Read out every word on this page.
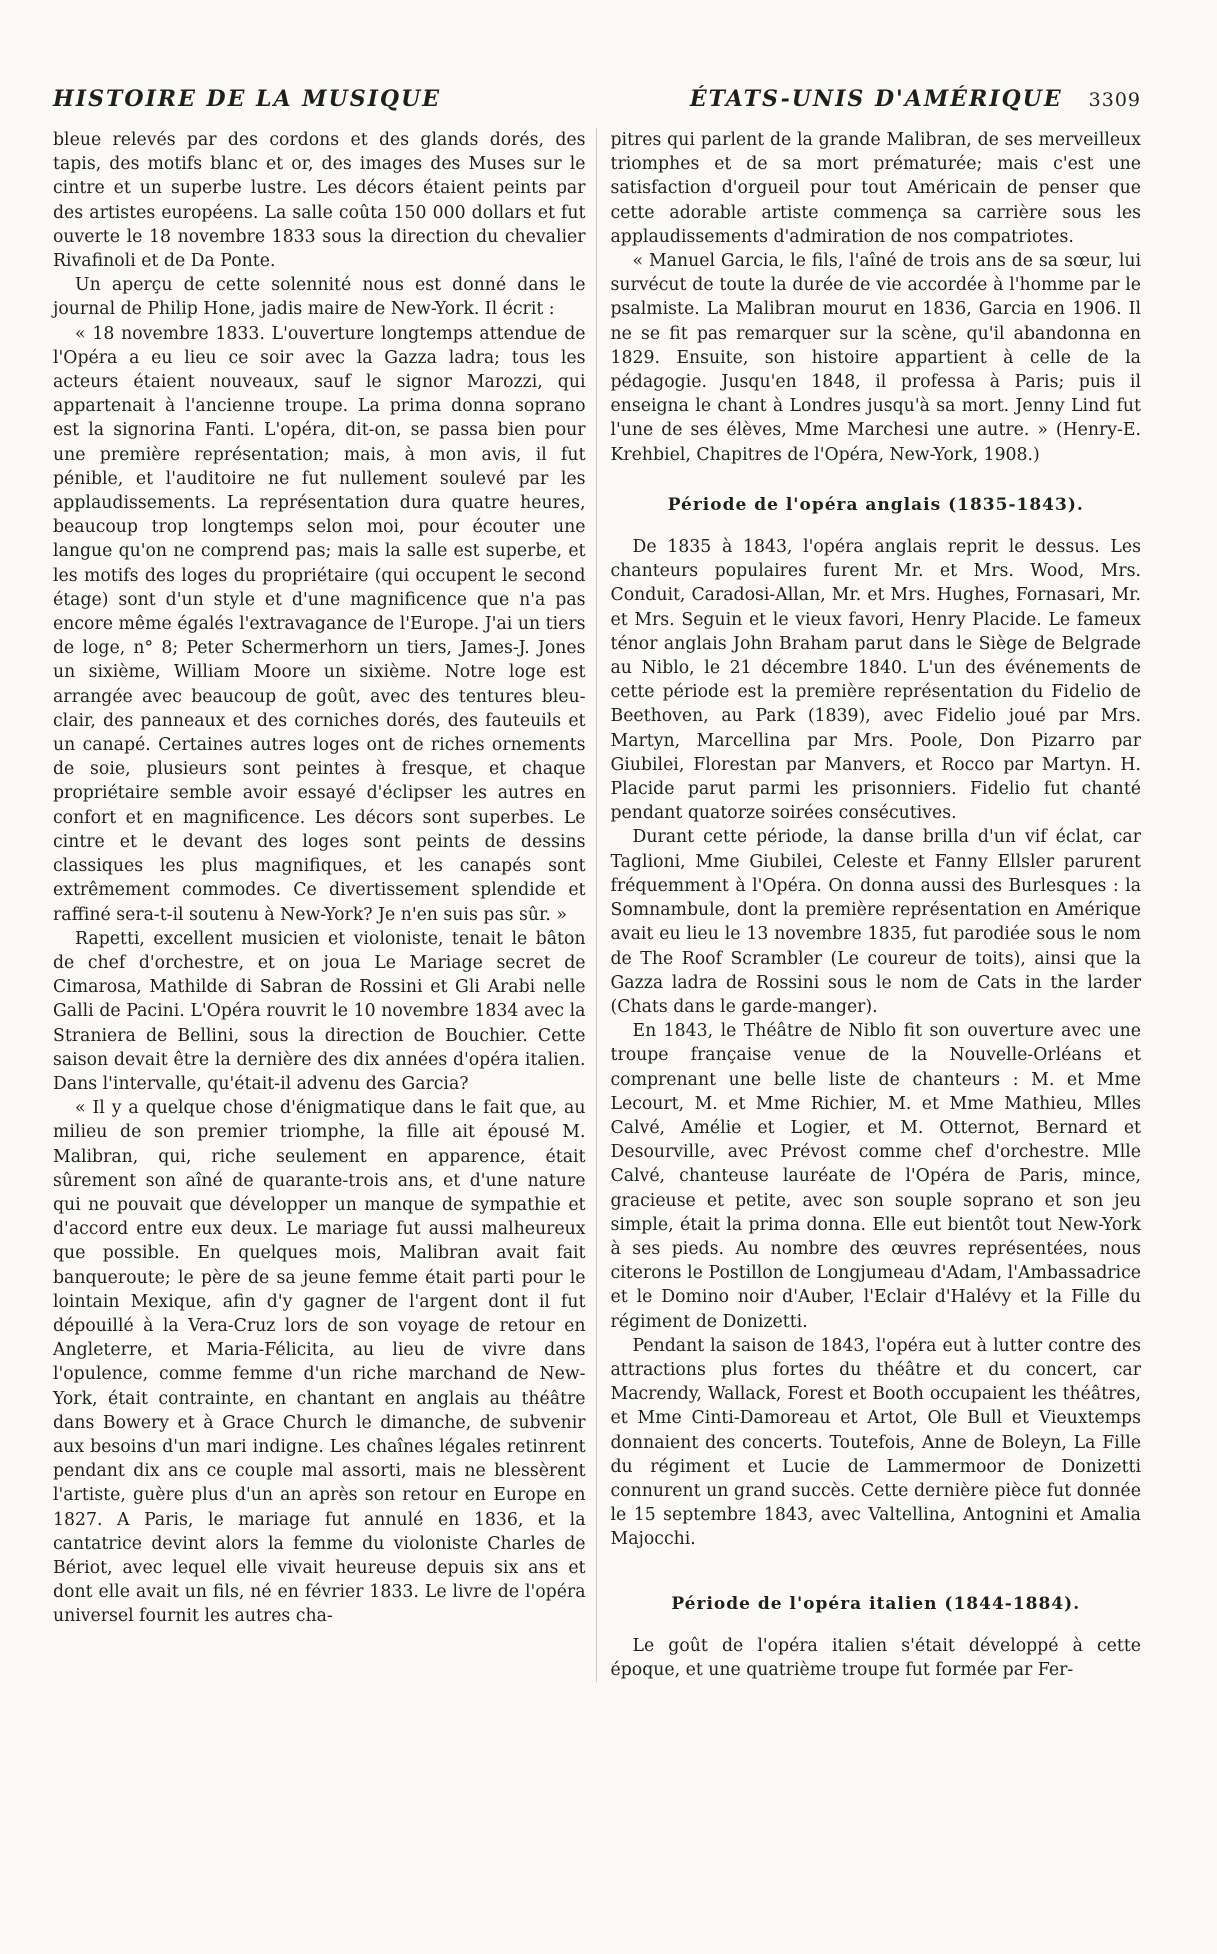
HISTOIRE DE LA MUSIQUE	ÉTATS-UNIS D'AMÉRIQUE 3309

bleue relevés par des cordons et des glands dorés, des tapis, des motifs blanc et or, des images des Muses sur le cintre et un superbe lustre. Les décors étaient peints par des artistes européens. La salle coûta 150 000 dollars et fut ouverte le 18 novembre 1833 sous la direction du chevalier Rivafinoli et de Da Ponte.

Un aperçu de cette solennité nous est donné dans le journal de Philip Hone, jadis maire de New-York. Il écrit :

« 18 novembre 1833. L'ouverture longtemps attendue de l'Opéra a eu lieu ce soir avec la Gazza ladra; tous les acteurs étaient nouveaux, sauf le signor Marozzi, qui appartenait à l'ancienne troupe. La prima donna soprano est la signorina Fanti. L'opéra, dit-on, se passa bien pour une première représentation; mais, à mon avis, il fut pénible, et l'auditoire ne fut nullement soulevé par les applaudissements. La représentation dura quatre heures, beaucoup trop longtemps selon moi, pour écouter une langue qu'on ne comprend pas; mais la salle est superbe, et les motifs des loges du propriétaire (qui occupent le second étage) sont d'un style et d'une magnificence que n'a pas encore même égalés l'extravagance de l'Europe. J'ai un tiers de loge, n° 8; Peter Schermerhorn un tiers, James-J. Jones un sixième, William Moore un sixième. Notre loge est arrangée avec beaucoup de goût, avec des tentures bleu-clair, des panneaux et des corniches dorés, des fauteuils et un canapé. Certaines autres loges ont de riches ornements de soie, plusieurs sont peintes à fresque, et chaque propriétaire semble avoir essayé d'éclipser les autres en confort et en magnificence. Les décors sont superbes. Le cintre et le devant des loges sont peints de dessins classiques les plus magnifiques, et les canapés sont extrêmement commodes. Ce divertissement splendide et raffiné sera-t-il soutenu à New-York? Je n'en suis pas sûr. »

Rapetti, excellent musicien et violoniste, tenait le bâton de chef d'orchestre, et on joua Le Mariage secret de Cimarosa, Mathilde di Sabran de Rossini et Gli Arabi nelle Galli de Pacini. L'Opéra rouvrit le 10 novembre 1834 avec la Straniera de Bellini, sous la direction de Bouchier. Cette saison devait être la dernière des dix années d'opéra italien. Dans l'intervalle, qu'était-il advenu des Garcia?

« Il y a quelque chose d'énigmatique dans le fait que, au milieu de son premier triomphe, la fille ait épousé M. Malibran, qui, riche seulement en apparence, était sûrement son aîné de quarante-trois ans, et d'une nature qui ne pouvait que développer un manque de sympathie et d'accord entre eux deux. Le mariage fut aussi malheureux que possible. En quelques mois, Malibran avait fait banqueroute; le père de sa jeune femme était parti pour le lointain Mexique, afin d'y gagner de l'argent dont il fut dépouillé à la Vera-Cruz lors de son voyage de retour en Angleterre, et Maria-Félicita, au lieu de vivre dans l'opulence, comme femme d'un riche marchand de New-York, était contrainte, en chantant en anglais au théâtre dans Bowery et à Grace Church le dimanche, de subvenir aux besoins d'un mari indigne. Les chaînes légales retinrent pendant dix ans ce couple mal assorti, mais ne blessèrent l'artiste, guère plus d'un an après son retour en Europe en 1827. A Paris, le mariage fut annulé en 1836, et la cantatrice devint alors la femme du violoniste Charles de Bériot, avec lequel elle vivait heureuse depuis six ans et dont elle avait un fils, né en février 1833. Le livre de l'opéra universel fournit les autres cha-

pitres qui parlent de la grande Malibran, de ses merveilleux triomphes et de sa mort prématurée; mais c'est une satisfaction d'orgueil pour tout Américain de penser que cette adorable artiste commença sa carrière sous les applaudissements d'admiration de nos compatriotes.

« Manuel Garcia, le fils, l'aîné de trois ans de sa sœur, lui survécut de toute la durée de vie accordée à l'homme par le psalmiste. La Malibran mourut en 1836, Garcia en 1906. Il ne se fit pas remarquer sur la scène, qu'il abandonna en 1829. Ensuite, son histoire appartient à celle de la pédagogie. Jusqu'en 1848, il professa à Paris; puis il enseigna le chant à Londres jusqu'à sa mort. Jenny Lind fut l'une de ses élèves, Mme Marchesi une autre. » (Henry-E. Krehbiel, Chapitres de l'Opéra, New-York, 1908.)

Période de l'opéra anglais (1835-1843).

De 1835 à 1843, l'opéra anglais reprit le dessus. Les chanteurs populaires furent Mr. et Mrs. Wood, Mrs. Conduit, Caradosi-Allan, Mr. et Mrs. Hughes, Fornasari, Mr. et Mrs. Seguin et le vieux favori, Henry Placide. Le fameux ténor anglais John Braham parut dans le Siège de Belgrade au Niblo, le 21 décembre 1840. L'un des événements de cette période est la première représentation du Fidelio de Beethoven, au Park (1839), avec Fidelio joué par Mrs. Martyn, Marcellina par Mrs. Poole, Don Pizarro par Giubilei, Florestan par Manvers, et Rocco par Martyn. H. Placide parut parmi les prisonniers. Fidelio fut chanté pendant quatorze soirées consécutives.

Durant cette période, la danse brilla d'un vif éclat, car Taglioni, Mme Giubilei, Celeste et Fanny Ellsler parurent fréquemment à l'Opéra. On donna aussi des Burlesques : la Somnambule, dont la première représentation en Amérique avait eu lieu le 13 novembre 1835, fut parodiée sous le nom de The Roof Scrambler (Le coureur de toits), ainsi que la Gazza ladra de Rossini sous le nom de Cats in the larder (Chats dans le garde-manger).

En 1843, le Théâtre de Niblo fit son ouverture avec une troupe française venue de la Nouvelle-Orléans et comprenant une belle liste de chanteurs : M. et Mme Lecourt, M. et Mme Richier, M. et Mme Mathieu, Mlles Calvé, Amélie et Logier, et M. Otternot, Bernard et Desourville, avec Prévost comme chef d'orchestre. Mlle Calvé, chanteuse lauréate de l'Opéra de Paris, mince, gracieuse et petite, avec son souple soprano et son jeu simple, était la prima donna. Elle eut bientôt tout New-York à ses pieds. Au nombre des œuvres représentées, nous citerons le Postillon de Longjumeau d'Adam, l'Ambassadrice et le Domino noir d'Auber, l'Eclair d'Halévy et la Fille du régiment de Donizetti.

Pendant la saison de 1843, l'opéra eut à lutter contre des attractions plus fortes du théâtre et du concert, car Macrendy, Wallack, Forest et Booth occupaient les théâtres, et Mme Cinti-Damoreau et Artot, Ole Bull et Vieuxtemps donnaient des concerts. Toutefois, Anne de Boleyn, La Fille du régiment et Lucie de Lammermoor de Donizetti connurent un grand succès. Cette dernière pièce fut donnée le 15 septembre 1843, avec Valtellina, Antognini et Amalia Majocchi.

Période de l'opéra italien (1844-1884).

Le goût de l'opéra italien s'était développé à cette époque, et une quatrième troupe fut formée par Fer-
